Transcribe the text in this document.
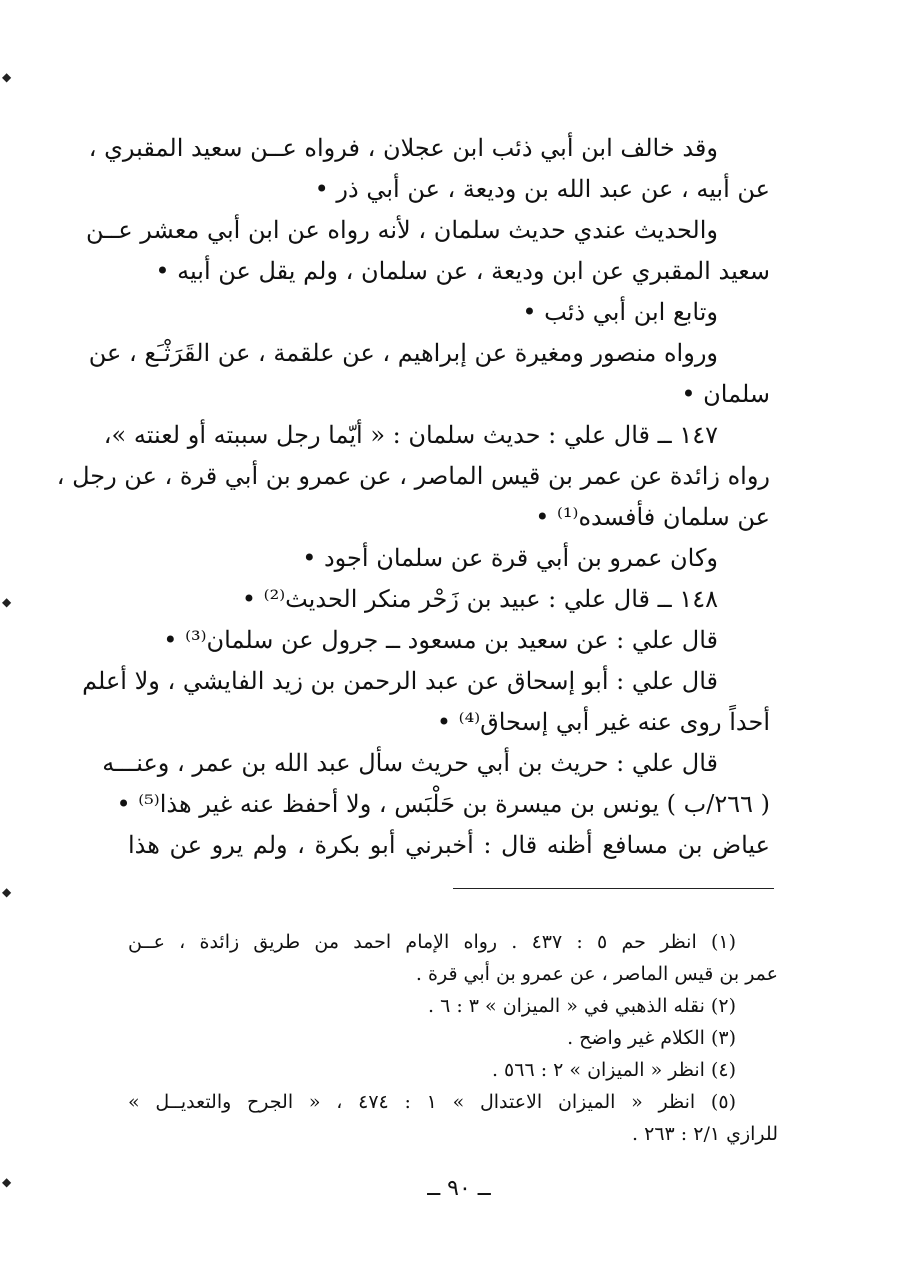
◆
◆
◆
◆
وقد خالف ابن أبي ذئب ابن عجلان ، فرواه عــن سعيد المقبري ،
عن أبيه ، عن عبد الله بن وديعة ، عن أبي ذر •
والحديث عندي حديث سلمان ، لأنه رواه عن ابن أبي معشر عــن
سعيد المقبري عن ابن وديعة ، عن سلمان ، ولم يقل عن أبيه •
وتابع ابن أبي ذئب •
ورواه منصور ومغيرة عن إبراهيم ، عن علقمة ، عن القَرَثْـَع ، عن
سلمان •
١٤٧ ــ قال علي : حديث سلمان : « أيّما رجل سببته أو لعنته »،
رواه زائدة عن عمر بن قيس الماصر ، عن عمرو بن أبي قرة ، عن رجل ،
عن سلمان فأفسده⁽¹⁾ •
وكان عمرو بن أبي قرة عن سلمان أجود •
١٤٨ ــ قال علي : عبيد بن زَحْر منكر الحديث⁽²⁾ •
قال علي : عن سعيد بن مسعود ــ جرول عن سلمان⁽³⁾ •
قال علي : أبو إسحاق عن عبد الرحمن بن زيد الفايشي ، ولا أعلم
أحداً روى عنه غير أبي إسحاق⁽⁴⁾ •
قال علي : حريث بن أبي حريث سأل عبد الله بن عمر ، وعنـــه
( ٢٦٦/ب ) يونس بن ميسرة بن حَلْبَس ، ولا أحفظ عنه غير هذا⁽⁵⁾ •
عياض بن مسافع أظنه قال : أخبرني أبو بكرة ، ولم يرو عن هذا
(١) انظر حم ٥ : ٤٣٧ . رواه الإمام احمد من طريق زائدة ، عــن
عمر بن قيس الماصر ، عن عمرو بن أبي قرة .
(٢) نقله الذهبي في « الميزان » ٣ : ٦ .
(٣) الكلام غير واضح .
(٤) انظر « الميزان » ٢ : ٥٦٦ .
(٥) انظر « الميزان الاعتدال » ١ : ٤٧٤ ، « الجرح والتعديــل »
للرازي ٢/١ : ٢٦٣ .
ــ ٩٠ ــ
